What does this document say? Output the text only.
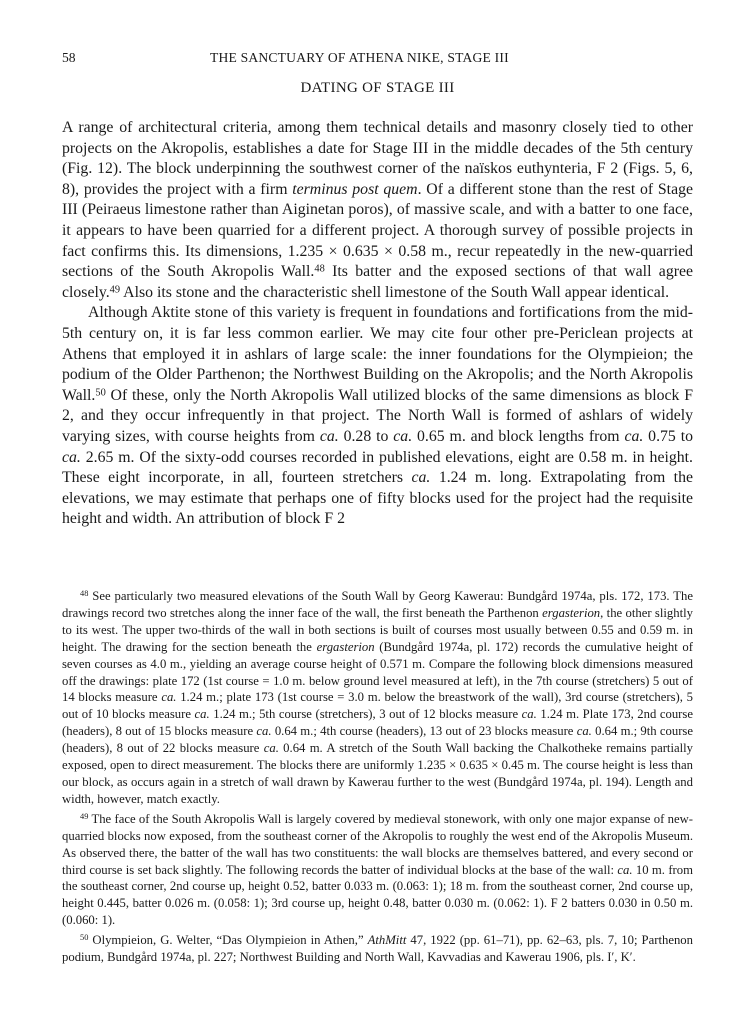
58	THE SANCTUARY OF ATHENA NIKE, STAGE III
DATING OF STAGE III

A range of architectural criteria, among them technical details and masonry closely tied to other projects on the Akropolis, establishes a date for Stage III in the middle decades of the 5th century (Fig. 12). The block underpinning the southwest corner of the naïskos euthynteria, F 2 (Figs. 5, 6, 8), provides the project with a firm terminus post quem. Of a different stone than the rest of Stage III (Peiraeus limestone rather than Aiginetan poros), of massive scale, and with a batter to one face, it appears to have been quarried for a different project. A thorough survey of possible projects in fact confirms this. Its dimensions, 1.235 × 0.635 × 0.58 m., recur repeatedly in the new-quarried sections of the South Akropolis Wall.$^{48}$ Its batter and the exposed sections of that wall agree closely.$^{49}$ Also its stone and the characteristic shell limestone of the South Wall appear identical.

Although Aktite stone of this variety is frequent in foundations and fortifications from the mid-5th century on, it is far less common earlier. We may cite four other pre-Periclean projects at Athens that employed it in ashlars of large scale: the inner foundations for the Olympieion; the podium of the Older Parthenon; the Northwest Building on the Akropolis; and the North Akropolis Wall.$^{50}$ Of these, only the North Akropolis Wall utilized blocks of the same dimensions as block F 2, and they occur infrequently in that project. The North Wall is formed of ashlars of widely varying sizes, with course heights from ca. 0.28 to ca. 0.65 m. and block lengths from ca. 0.75 to ca. 2.65 m. Of the sixty-odd courses recorded in published elevations, eight are 0.58 m. in height. These eight incorporate, in all, fourteen stretchers ca. 1.24 m. long. Extrapolating from the elevations, we may estimate that perhaps one of fifty blocks used for the project had the requisite height and width. An attribution of block F 2

$^{48}$ See particularly two measured elevations of the South Wall by Georg Kawerau: Bundgård 1974a, pls. 172, 173. The drawings record two stretches along the inner face of the wall, the first beneath the Parthenon ergasterion, the other slightly to its west. The upper two-thirds of the wall in both sections is built of courses most usually between 0.55 and 0.59 m. in height. The drawing for the section beneath the ergasterion (Bundgård 1974a, pl. 172) records the cumulative height of seven courses as 4.0 m., yielding an average course height of 0.571 m. Compare the following block dimensions measured off the drawings: plate 172 (1st course = 1.0 m. below ground level measured at left), in the 7th course (stretchers) 5 out of 14 blocks measure ca. 1.24 m.; plate 173 (1st course = 3.0 m. below the breastwork of the wall), 3rd course (stretchers), 5 out of 10 blocks measure ca. 1.24 m.; 5th course (stretchers), 3 out of 12 blocks measure ca. 1.24 m. Plate 173, 2nd course (headers), 8 out of 15 blocks measure ca. 0.64 m.; 4th course (headers), 13 out of 23 blocks measure ca. 0.64 m.; 9th course (headers), 8 out of 22 blocks measure ca. 0.64 m. A stretch of the South Wall backing the Chalkotheke remains partially exposed, open to direct measurement. The blocks there are uniformly 1.235 × 0.635 × 0.45 m. The course height is less than our block, as occurs again in a stretch of wall drawn by Kawerau further to the west (Bundgård 1974a, pl. 194). Length and width, however, match exactly.

$^{49}$ The face of the South Akropolis Wall is largely covered by medieval stonework, with only one major expanse of new-quarried blocks now exposed, from the southeast corner of the Akropolis to roughly the west end of the Akropolis Museum. As observed there, the batter of the wall has two constituents: the wall blocks are themselves battered, and every second or third course is set back slightly. The following records the batter of individual blocks at the base of the wall: ca. 10 m. from the southeast corner, 2nd course up, height 0.52, batter 0.033 m. (0.063: 1); 18 m. from the southeast corner, 2nd course up, height 0.445, batter 0.026 m. (0.058: 1); 3rd course up, height 0.48, batter 0.030 m. (0.062: 1). F 2 batters 0.030 in 0.50 m. (0.060: 1).

$^{50}$ Olympieion, G. Welter, “Das Olympieion in Athen,” AthMitt 47, 1922 (pp. 61–71), pp. 62–63, pls. 7, 10; Parthenon podium, Bundgård 1974a, pl. 227; Northwest Building and North Wall, Kavvadias and Kawerau 1906, pls. I′, K′.
